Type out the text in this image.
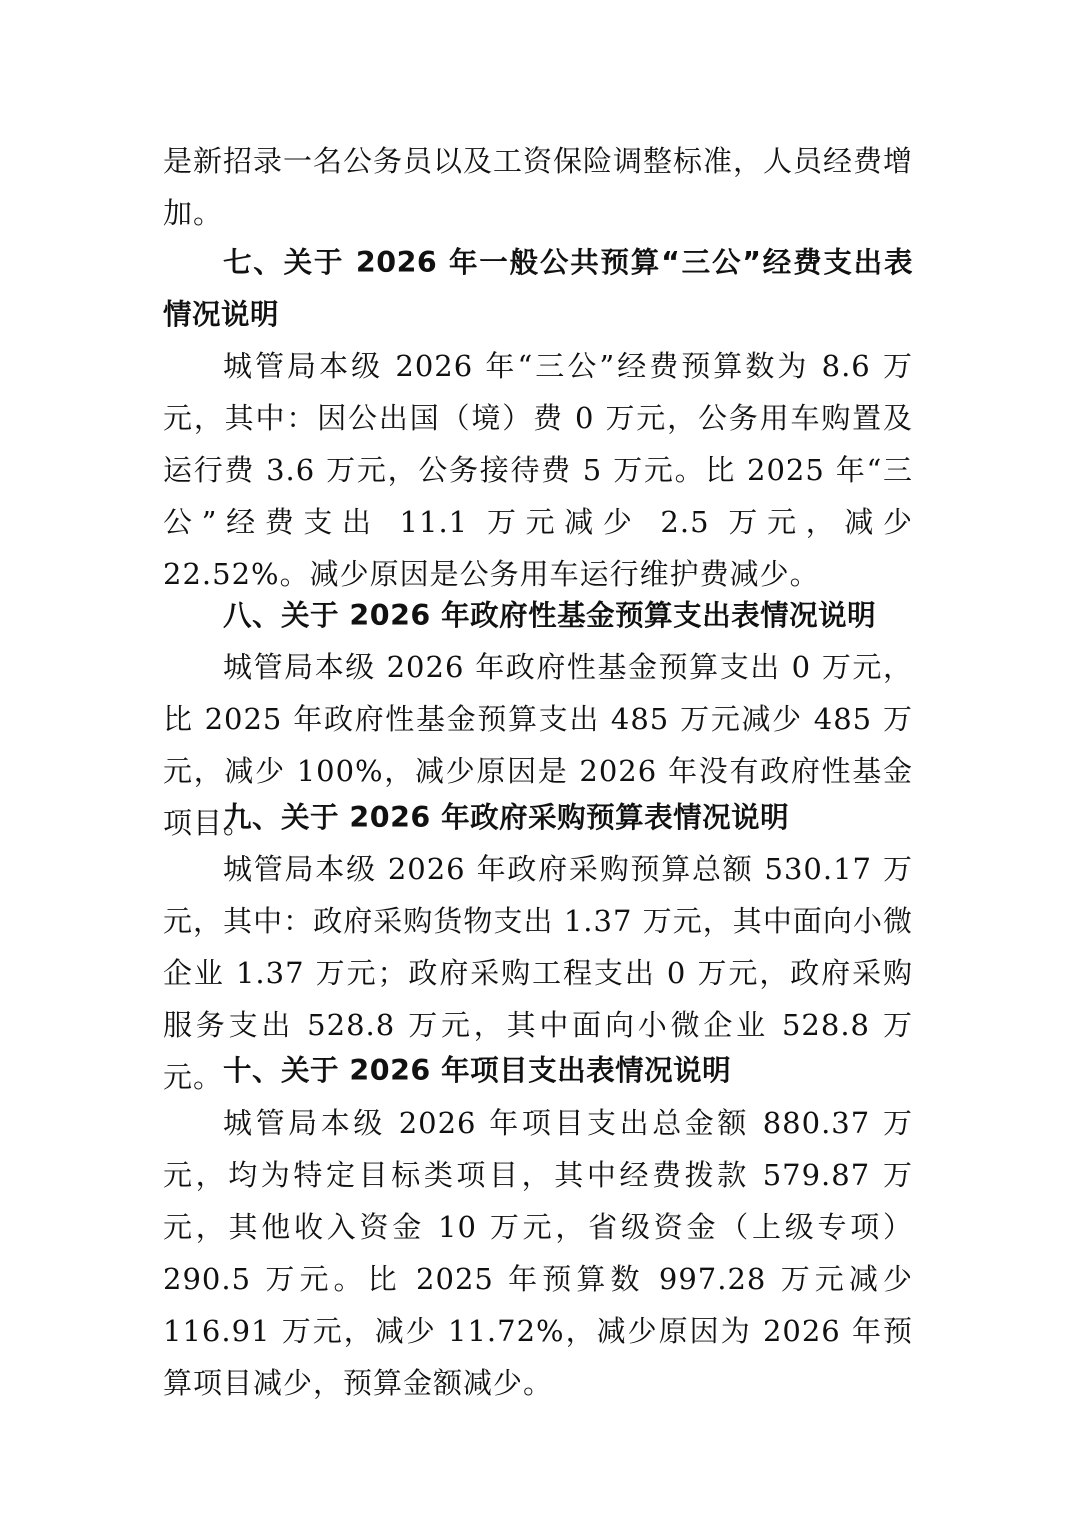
是新招录一名公务员以及工资保险调整标准，人员经费增加。
七、关于 2026 年一般公共预算“三公”经费支出表情况说明
城管局本级 2026 年“三公”经费预算数为 8.6 万元，其中：因公出国（境）费 0 万元，公务用车购置及运行费 3.6 万元，公务接待费 5 万元。比 2025 年“三公”经费支出 11.1 万元减少 2.5 万元，减少 22.52%。减少原因是公务用车运行维护费减少。
八、关于 2026 年政府性基金预算支出表情况说明
城管局本级 2026 年政府性基金预算支出 0 万元，比 2025 年政府性基金预算支出 485 万元减少 485 万元，减少 100%，减少原因是 2026 年没有政府性基金项目。
九、关于 2026 年政府采购预算表情况说明
城管局本级 2026 年政府采购预算总额 530.17 万元，其中：政府采购货物支出 1.37 万元，其中面向小微企业 1.37 万元；政府采购工程支出 0 万元，政府采购服务支出 528.8 万元，其中面向小微企业 528.8 万元。 十、关于 2026 年项目支出表情况说明
城管局本级 2026 年项目支出总金额 880.37 万元，均为特定目标类项目，其中经费拨款 579.87 万元，其他收入资金 10 万元，省级资金（上级专项）290.5 万元。比 2025 年预算数 997.28 万元减少 116.91 万元，减少 11.72%，减少原因为 2026 年预算项目减少，预算金额减少。
